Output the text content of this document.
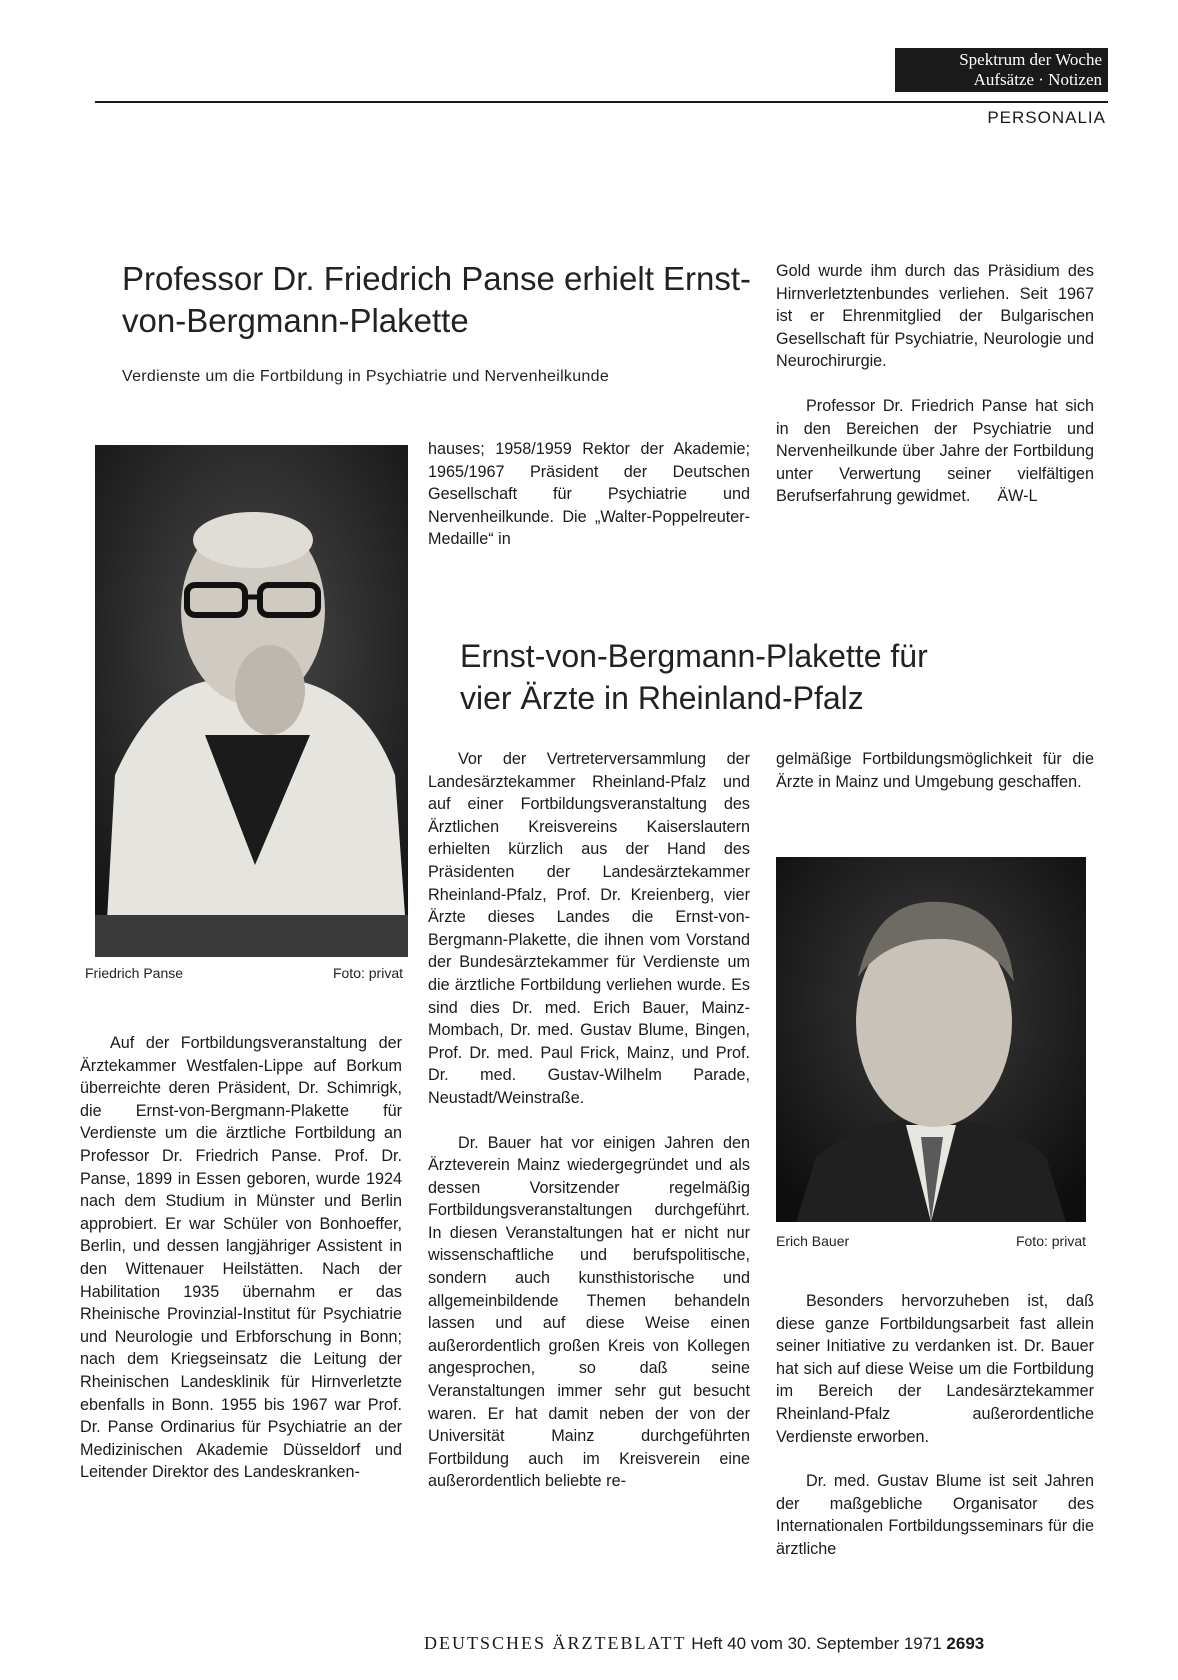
Spektrum der Woche
Aufsätze · Notizen
PERSONALIA
Professor Dr. Friedrich Panse erhielt Ernst-von-Bergmann-Plakette
Verdienste um die Fortbildung in Psychiatrie und Nervenheilkunde
Friedrich Panse	Foto: privat

Auf der Fortbildungsveranstaltung der Ärztekammer Westfalen-Lippe auf Borkum überreichte deren Präsident, Dr. Schimrigk, die Ernst-von-Bergmann-Plakette für Verdienste um die ärztliche Fortbildung an Professor Dr. Friedrich Panse. Prof. Dr. Panse, 1899 in Essen geboren, wurde 1924 nach dem Studium in Münster und Berlin approbiert. Er war Schüler von Bonhoeffer, Berlin, und dessen langjähriger Assistent in den Wittenauer Heilstätten. Nach der Habilitation 1935 übernahm er das Rheinische Provinzial-Institut für Psychiatrie und Neurologie und Erbforschung in Bonn; nach dem Kriegseinsatz die Leitung der Rheinischen Landesklinik für Hirnverletzte ebenfalls in Bonn. 1955 bis 1967 war Prof. Dr. Panse Ordinarius für Psychiatrie an der Medizinischen Akademie Düsseldorf und Leitender Direktor des Landeskranken-

hauses; 1958/1959 Rektor der Akademie; 1965/1967 Präsident der Deutschen Gesellschaft für Psychiatrie und Nervenheilkunde. Die „Walter-Poppelreuter-Medaille“ in

Gold wurde ihm durch das Präsidium des Hirnverletztenbundes verliehen. Seit 1967 ist er Ehrenmitglied der Bulgarischen Gesellschaft für Psychiatrie, Neurologie und Neurochirurgie.

Professor Dr. Friedrich Panse hat sich in den Bereichen der Psychiatrie und Nervenheilkunde über Jahre der Fortbildung unter Verwertung seiner vielfältigen Berufserfahrung gewidmet. ÄW-L

Ernst-von-Bergmann-Plakette für vier Ärzte in Rheinland-Pfalz

Vor der Vertreterversammlung der Landesärztekammer Rheinland-Pfalz und auf einer Fortbildungsveranstaltung des Ärztlichen Kreisvereins Kaiserslautern erhielten kürzlich aus der Hand des Präsidenten der Landesärztekammer Rheinland-Pfalz, Prof. Dr. Kreienberg, vier Ärzte dieses Landes die Ernst-von-Bergmann-Plakette, die ihnen vom Vorstand der Bundesärztekammer für Verdienste um die ärztliche Fortbildung verliehen wurde. Es sind dies Dr. med. Erich Bauer, Mainz-Mombach, Dr. med. Gustav Blume, Bingen, Prof. Dr. med. Paul Frick, Mainz, und Prof. Dr. med. Gustav-Wilhelm Parade, Neustadt/Weinstraße.

Dr. Bauer hat vor einigen Jahren den Ärzteverein Mainz wiedergegründet und als dessen Vorsitzender regelmäßig Fortbildungsveranstaltungen durchgeführt. In diesen Veranstaltungen hat er nicht nur wissenschaftliche und berufspolitische, sondern auch kunsthistorische und allgemeinbildende Themen behandeln lassen und auf diese Weise einen außerordentlich großen Kreis von Kollegen angesprochen, so daß seine Veranstaltungen immer sehr gut besucht waren. Er hat damit neben der von der Universität Mainz durchgeführten Fortbildung auch im Kreisverein eine außerordentlich beliebte re-

gelmäßige Fortbildungsmöglichkeit für die Ärzte in Mainz und Umgebung geschaffen.

Erich Bauer	Foto: privat

Besonders hervorzuheben ist, daß diese ganze Fortbildungsarbeit fast allein seiner Initiative zu verdanken ist. Dr. Bauer hat sich auf diese Weise um die Fortbildung im Bereich der Landesärztekammer Rheinland-Pfalz außerordentliche Verdienste erworben.

Dr. med. Gustav Blume ist seit Jahren der maßgebliche Organisator des Internationalen Fortbildungsseminars für die ärztliche

DEUTSCHES ÄRZTEBLATT Heft 40 vom 30. September 1971 2693
